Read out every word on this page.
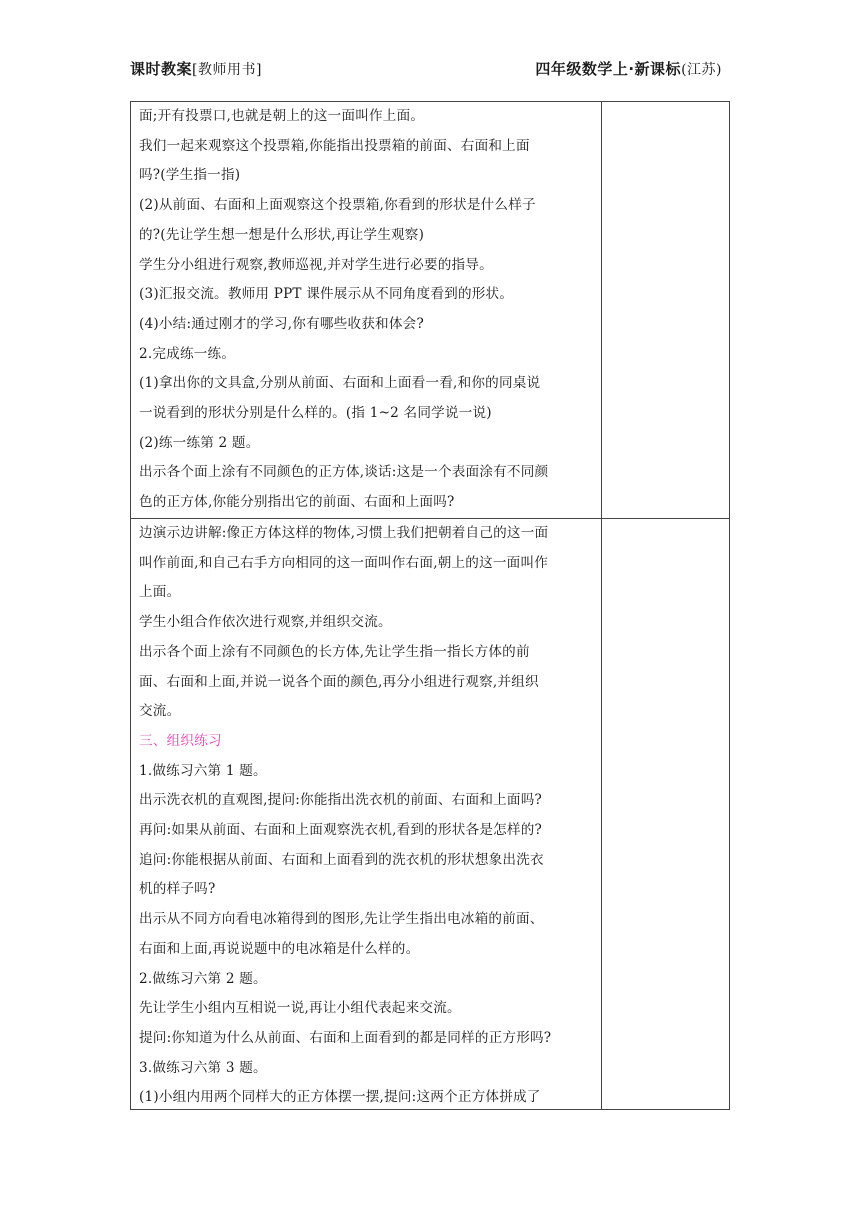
课时教案[教师用书]	四年级数学上·新课标(江苏)
面;开有投票口,也就是朝上的这一面叫作上面。
我们一起来观察这个投票箱,你能指出投票箱的前面、右面和上面
吗?(学生指一指)
(2)从前面、右面和上面观察这个投票箱,你看到的形状是什么样子
的?(先让学生想一想是什么形状,再让学生观察)
学生分小组进行观察,教师巡视,并对学生进行必要的指导。
(3)汇报交流。教师用 PPT 课件展示从不同角度看到的形状。
(4)小结:通过刚才的学习,你有哪些收获和体会?
2.完成练一练。
(1)拿出你的文具盒,分别从前面、右面和上面看一看,和你的同桌说
一说看到的形状分别是什么样的。(指 1~2 名同学说一说)
(2)练一练第 2 题。
出示各个面上涂有不同颜色的正方体,谈话:这是一个表面涂有不同颜
色的正方体,你能分别指出它的前面、右面和上面吗?
边演示边讲解:像正方体这样的物体,习惯上我们把朝着自己的这一面
叫作前面,和自己右手方向相同的这一面叫作右面,朝上的这一面叫作
上面。
学生小组合作依次进行观察,并组织交流。
出示各个面上涂有不同颜色的长方体,先让学生指一指长方体的前
面、右面和上面,并说一说各个面的颜色,再分小组进行观察,并组织
交流。
三、组织练习
1.做练习六第 1 题。
出示洗衣机的直观图,提问:你能指出洗衣机的前面、右面和上面吗?
再问:如果从前面、右面和上面观察洗衣机,看到的形状各是怎样的?
追问:你能根据从前面、右面和上面看到的洗衣机的形状想象出洗衣
机的样子吗?
出示从不同方向看电冰箱得到的图形,先让学生指出电冰箱的前面、
右面和上面,再说说题中的电冰箱是什么样的。
2.做练习六第 2 题。
先让学生小组内互相说一说,再让小组代表起来交流。
提问:你知道为什么从前面、右面和上面看到的都是同样的正方形吗?
3.做练习六第 3 题。
(1)小组内用两个同样大的正方体摆一摆,提问:这两个正方体拼成了
